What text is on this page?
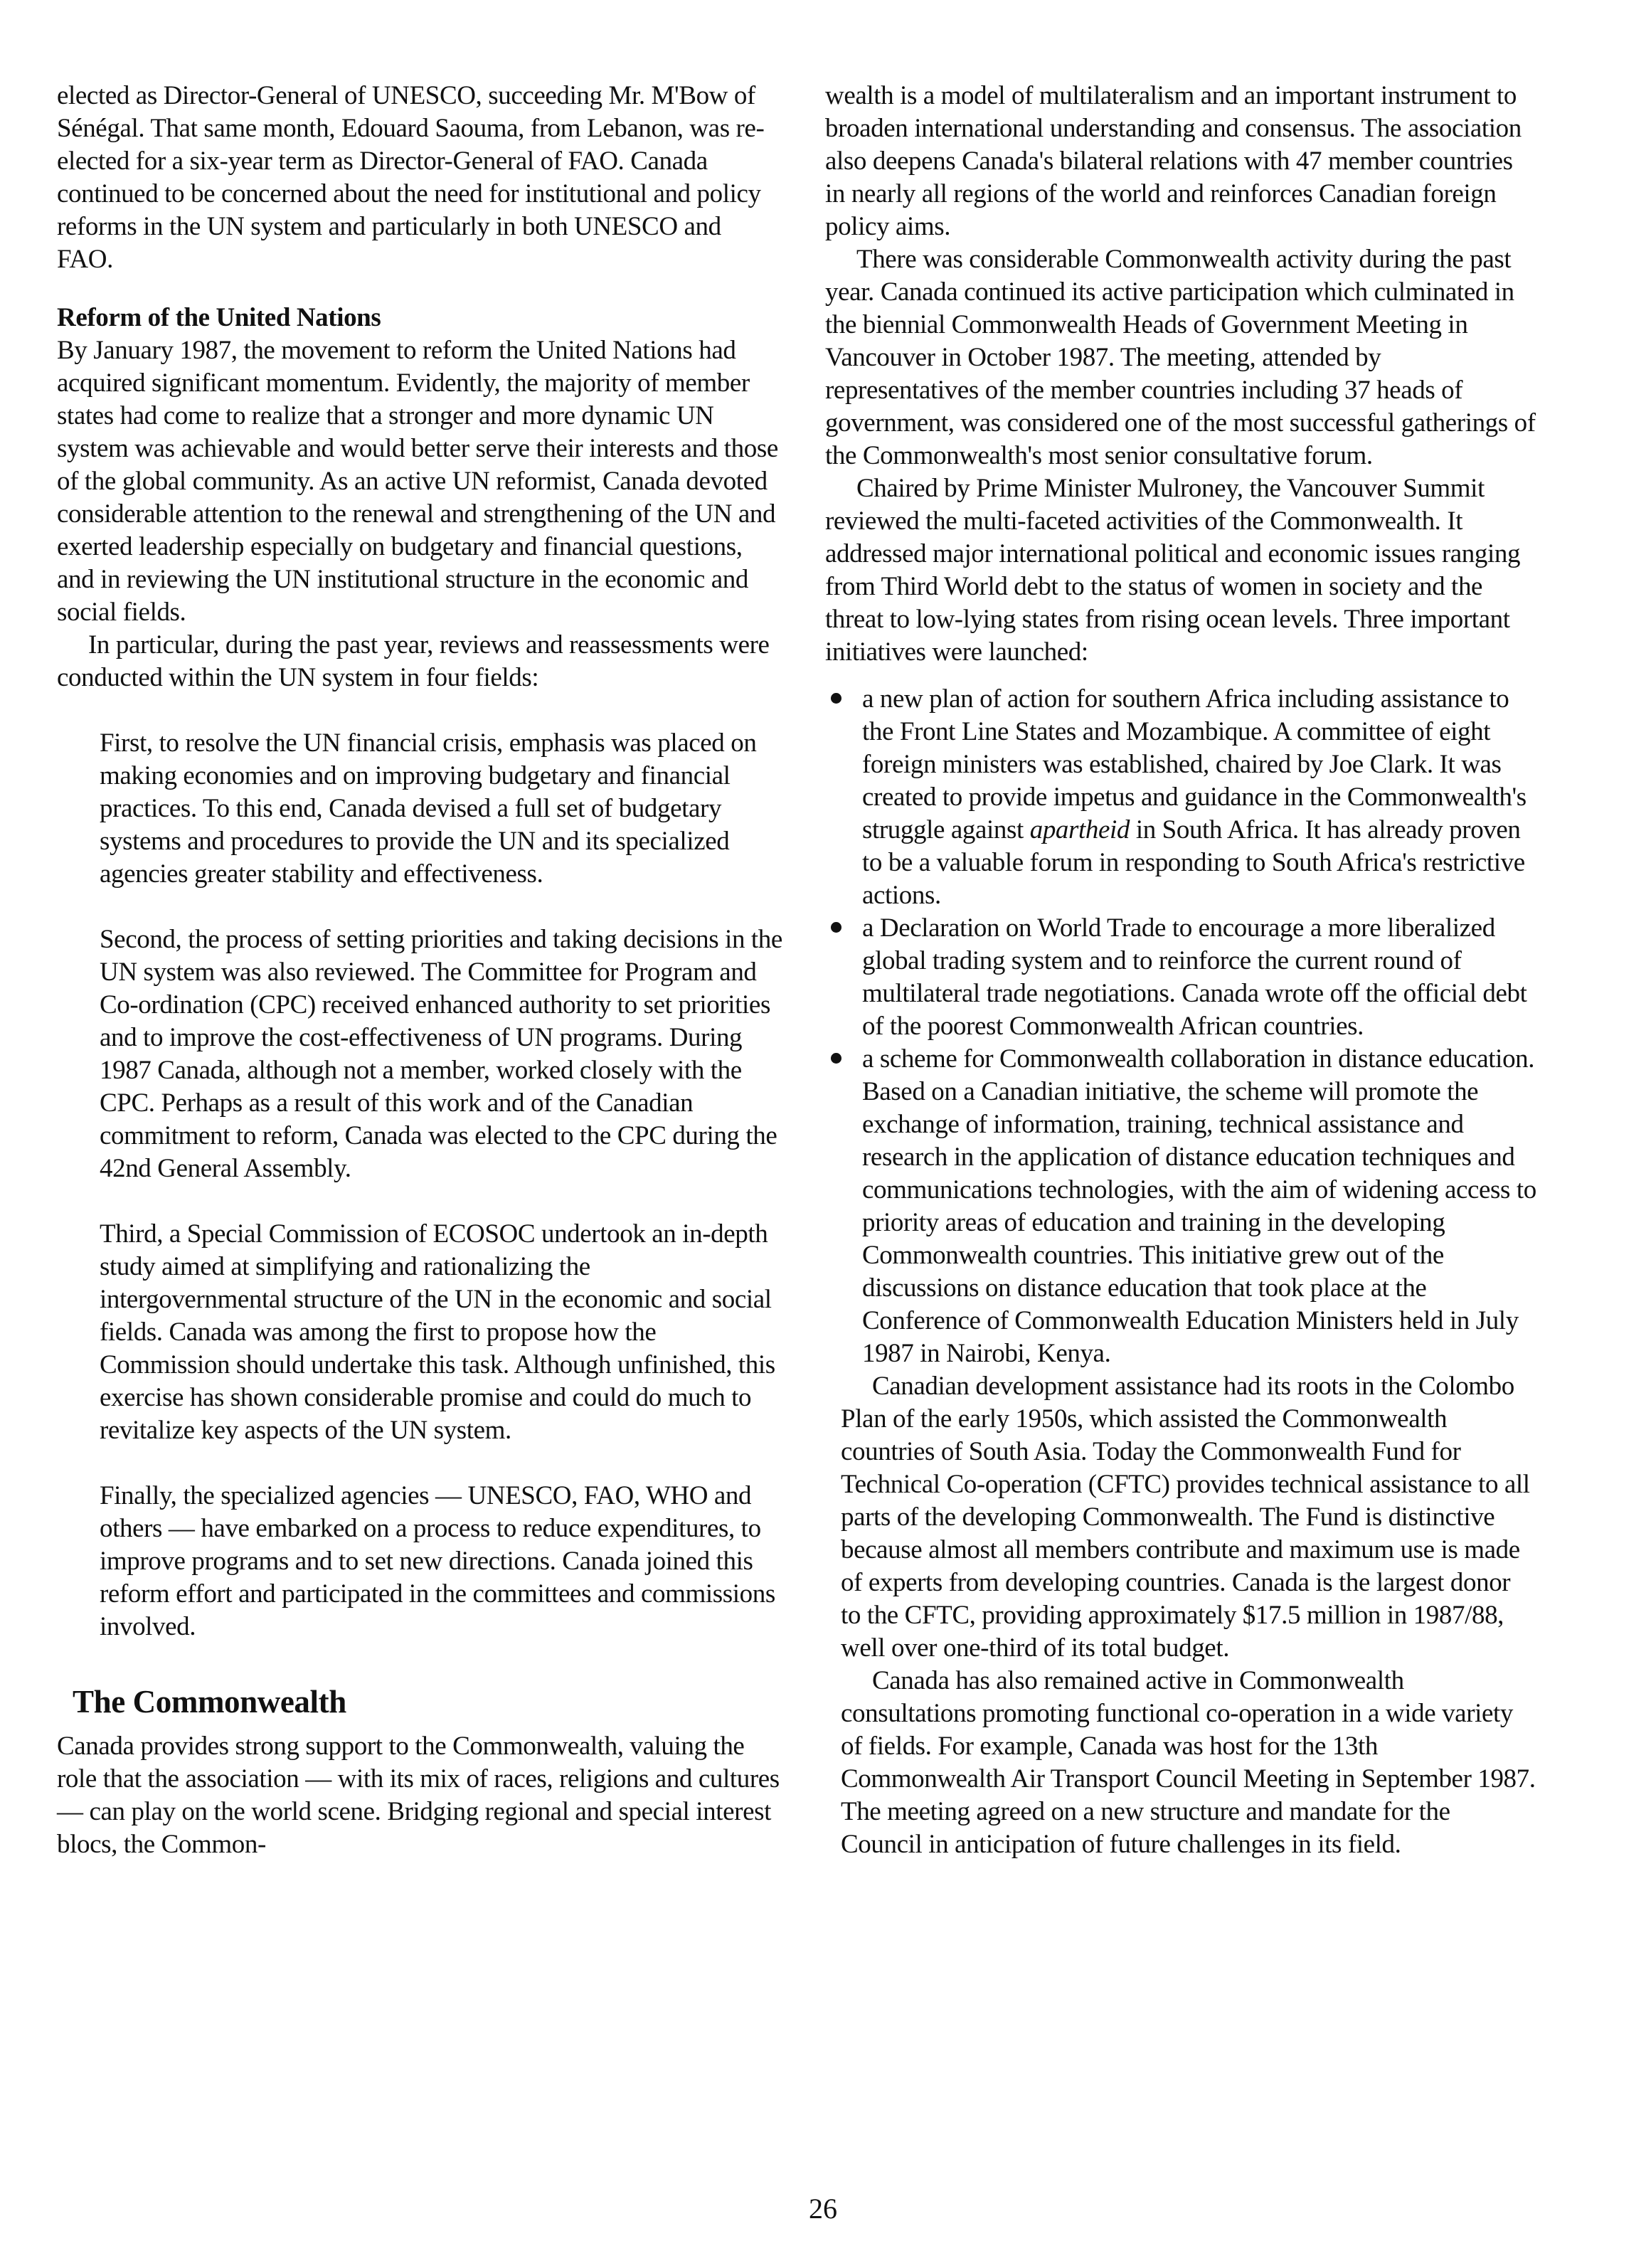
elected as Director-General of UNESCO, succeeding Mr. M'Bow of Sénégal. That same month, Edouard Saouma, from Lebanon, was re-elected for a six-year term as Director-General of FAO. Canada continued to be concerned about the need for institutional and policy reforms in the UN system and particularly in both UNESCO and FAO.

Reform of the United Nations

By January 1987, the movement to reform the United Nations had acquired significant momentum. Evidently, the majority of member states had come to realize that a stronger and more dynamic UN system was achievable and would better serve their interests and those of the global community. As an active UN reformist, Canada devoted considerable attention to the renewal and strengthening of the UN and exerted leadership especially on budgetary and financial questions, and in reviewing the UN institutional structure in the economic and social fields.

In particular, during the past year, reviews and reassessments were conducted within the UN system in four fields:

First, to resolve the UN financial crisis, emphasis was placed on making economies and on improving budgetary and financial practices. To this end, Canada devised a full set of budgetary systems and procedures to provide the UN and its specialized agencies greater stability and effectiveness.

Second, the process of setting priorities and taking decisions in the UN system was also reviewed. The Committee for Program and Co-ordination (CPC) received enhanced authority to set priorities and to improve the cost-effectiveness of UN programs. During 1987 Canada, although not a member, worked closely with the CPC. Perhaps as a result of this work and of the Canadian commitment to reform, Canada was elected to the CPC during the 42nd General Assembly.

Third, a Special Commission of ECOSOC undertook an in-depth study aimed at simplifying and rationalizing the intergovernmental structure of the UN in the economic and social fields. Canada was among the first to propose how the Commission should undertake this task. Although unfinished, this exercise has shown considerable promise and could do much to revitalize key aspects of the UN system.

Finally, the specialized agencies — UNESCO, FAO, WHO and others — have embarked on a process to reduce expenditures, to improve programs and to set new directions. Canada joined this reform effort and participated in the committees and commissions involved.

The Commonwealth

Canada provides strong support to the Commonwealth, valuing the role that the association — with its mix of races, religions and cultures — can play on the world scene. Bridging regional and special interest blocs, the Common-

wealth is a model of multilateralism and an important instrument to broaden international understanding and consensus. The association also deepens Canada's bilateral relations with 47 member countries in nearly all regions of the world and reinforces Canadian foreign policy aims.

There was considerable Commonwealth activity during the past year. Canada continued its active participation which culminated in the biennial Commonwealth Heads of Government Meeting in Vancouver in October 1987. The meeting, attended by representatives of the member countries including 37 heads of government, was considered one of the most successful gatherings of the Commonwealth's most senior consultative forum.

Chaired by Prime Minister Mulroney, the Vancouver Summit reviewed the multi-faceted activities of the Commonwealth. It addressed major international political and economic issues ranging from Third World debt to the status of women in society and the threat to low-lying states from rising ocean levels. Three important initiatives were launched:

a new plan of action for southern Africa including assistance to the Front Line States and Mozambique. A committee of eight foreign ministers was established, chaired by Joe Clark. It was created to provide impetus and guidance in the Commonwealth's struggle against apartheid in South Africa. It has already proven to be a valuable forum in responding to South Africa's restrictive actions.
a Declaration on World Trade to encourage a more liberalized global trading system and to reinforce the current round of multilateral trade negotiations. Canada wrote off the official debt of the poorest Commonwealth African countries.
a scheme for Commonwealth collaboration in distance education. Based on a Canadian initiative, the scheme will promote the exchange of information, training, technical assistance and research in the application of distance education techniques and communications technologies, with the aim of widening access to priority areas of education and training in the developing Commonwealth countries. This initiative grew out of the discussions on distance education that took place at the Conference of Commonwealth Education Ministers held in July 1987 in Nairobi, Kenya.

Canadian development assistance had its roots in the Colombo Plan of the early 1950s, which assisted the Commonwealth countries of South Asia. Today the Commonwealth Fund for Technical Co-operation (CFTC) provides technical assistance to all parts of the developing Commonwealth. The Fund is distinctive because almost all members contribute and maximum use is made of experts from developing countries. Canada is the largest donor to the CFTC, providing approximately $17.5 million in 1987/88, well over one-third of its total budget.

Canada has also remained active in Commonwealth consultations promoting functional co-operation in a wide variety of fields. For example, Canada was host for the 13th Commonwealth Air Transport Council Meeting in September 1987. The meeting agreed on a new structure and mandate for the Council in anticipation of future challenges in its field.

26
